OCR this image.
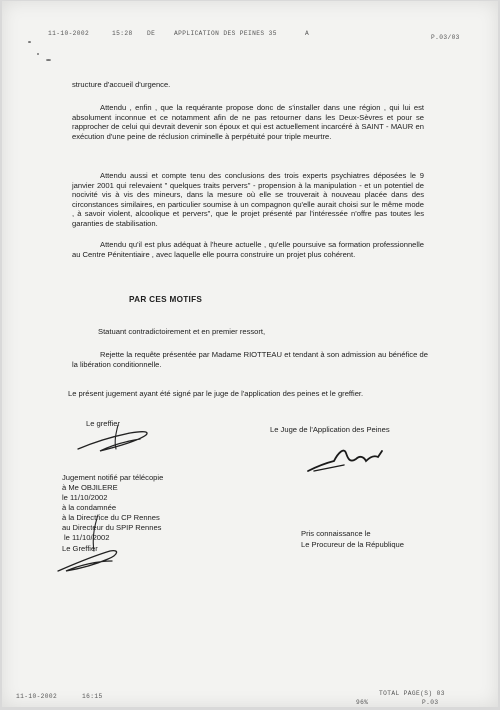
11-10-2002	15:28 DE	APPLICATION DES PEINES 35	A
P.03/03
structure d'accueil d'urgence.

Attendu , enfin , que la requérante propose donc de s'installer dans une région , qui lui est absolument inconnue et ce notamment afin de ne pas retourner dans les Deux-Sèvres et pour se rapprocher de celui qui devrait devenir son époux et qui est actuellement incarcéré à SAINT - MAUR en exécution d'une peine de réclusion criminelle à perpétuité pour triple meurtre.

Attendu aussi et compte tenu des conclusions des trois experts psychiatres déposées le 9 janvier 2001 qui relevaient " quelques traits pervers" - propension à la manipulation - et un potentiel de nocivité vis à vis des mineurs, dans la mesure où elle se trouverait à nouveau placée dans des circonstances similaires, en particulier soumise à un compagnon qu'elle aurait choisi sur le même mode , à savoir violent, alcoolique et pervers", que le projet présenté par l'intéressée n'offre pas toutes les garanties de stabilisation.

Attendu qu'il est plus adéquat à l'heure actuelle , qu'elle poursuive sa formation professionnelle au Centre Pénitentiaire , avec laquelle elle pourra construire un projet plus cohérent.

PAR CES MOTIFS
Statuant contradictoirement et en premier ressort,

Rejette la requête présentée par Madame RIOTTEAU et tendant à son admission au bénéfice de la libération conditionnelle.

Le présent jugement ayant été signé par le juge de l'application des peines et le greffier.
Le greffier
Le Juge de l'Application des Peines
Jugement notifié par télécopie
à Me OBJILERE
le 11/10/2002
à la condamnée
à la Directrice du CP Rennes
au Directeur du SPIP Rennes
le 11/10/2002
Le Greffier
Pris connaissance le
Le Procureur de la République
11-10-2002	16:15
96%
TOTAL PAGE(S) 03
P.03
